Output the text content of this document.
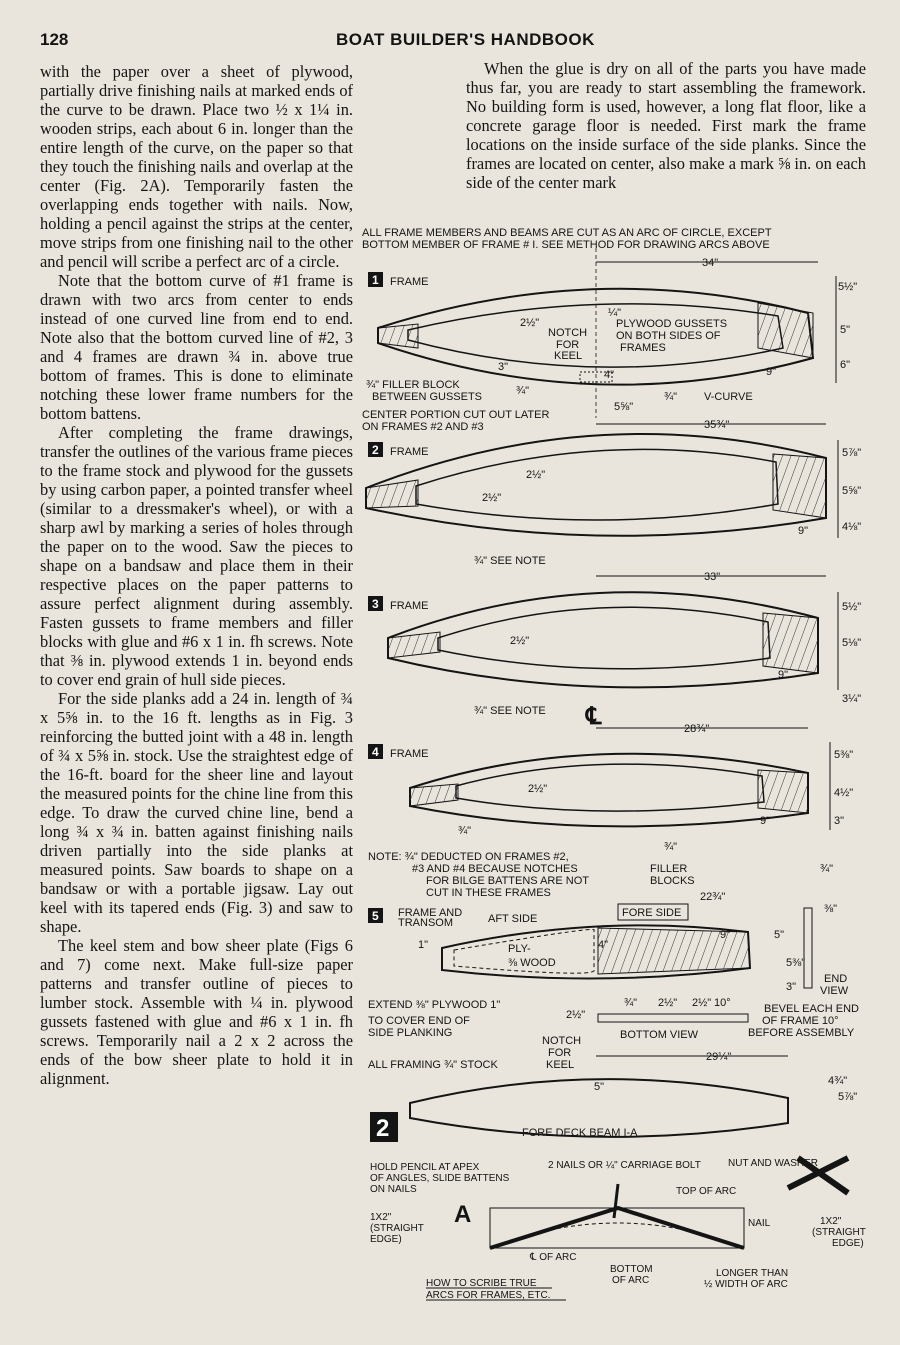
128	BOAT BUILDER'S HANDBOOK

with the paper over a sheet of plywood, partially drive finishing nails at marked ends of the curve to be drawn. Place two ½ x 1¼ in. wooden strips, each about 6 in. longer than the entire length of the curve, on the paper so that they touch the finishing nails and overlap at the center (Fig. 2A). Temporarily fasten the overlapping ends together with nails. Now, holding a pencil against the strips at the center, move strips from one finishing nail to the other and pencil will scribe a perfect arc of a circle.

Note that the bottom curve of #1 frame is drawn with two arcs from center to ends instead of one curved line from end to end. Note also that the bottom curved line of #2, 3 and 4 frames are drawn ¾ in. above true bottom of frames. This is done to eliminate notching these lower frame numbers for the bottom battens.

After completing the frame drawings, transfer the outlines of the various frame pieces to the frame stock and plywood for the gussets by using carbon paper, a pointed transfer wheel (similar to a dressmaker's wheel), or with a sharp awl by marking a series of holes through the paper on to the wood. Saw the pieces to shape on a bandsaw and place them in their respective places on the paper patterns to assure perfect alignment during assembly. Fasten gussets to frame members and filler blocks with glue and #6 x 1 in. fh screws. Note that ⅜ in. plywood extends 1 in. beyond ends to cover end grain of hull side pieces.

For the side planks add a 24 in. length of ¾ x 5⅝ in. to the 16 ft. lengths as in Fig. 3 reinforcing the butted joint with a 48 in. length of ¾ x 5⅝ in. stock. Use the straightest edge of the 16-ft. board for the sheer line and layout the measured points for the chine line from this edge. To draw the curved chine line, bend a long ¾ x ¾ in. batten against finishing nails driven partially into the side planks at measured points. Saw boards to shape on a bandsaw or with a portable jigsaw. Lay out keel with its tapered ends (Fig. 3) and saw to shape.

The keel stem and bow sheer plate (Figs 6 and 7) come next. Make full-size paper patterns and transfer outline of pieces to lumber stock. Assemble with ¼ in. plywood gussets fastened with glue and #6 x 1 in. fh screws. Temporarily nail a 2 x 2 across the ends of the bow sheer plate to hold it in alignment.

When the glue is dry on all of the parts you have made thus far, you are ready to start assembling the framework. No building form is used, however, a long flat floor, like a concrete garage floor is needed. First mark the frame locations on the inside surface of the side planks. Since the frames are located on center, also make a mark ⅝ in. on each side of the center mark

ALL FRAME MEMBERS AND BEAMS ARE CUT AS AN ARC OF CIRCLE, EXCEPT
BOTTOM MEMBER OF FRAME # I. SEE METHOD FOR DRAWING ARCS ABOVE
1 FRAME
34"
5½"
5"
6"
2½"
¼"
NOTCH
FOR
KEEL
PLYWOOD GUSSETS
ON BOTH SIDES OF
FRAMES
3"
4"	9"
¾" FILLER BLOCK
BETWEEN GUSSETS	¾"
5⅝"
¾" V-CURVE
CENTER PORTION CUT OUT LATER
ON FRAMES #2 AND #3	35¾"
2 FRAME	5⅞"
5⅝"
4⅛"
2½"
2½"
9"
¾" SEE NOTE
33"
3 FRAME	5½"
5⅛"
3¼"
2½"
9"
¾" SEE NOTE ℄	28¾"
4 FRAME	5⅜"
4½"
3"
2½"
9"
¾"
NOTE: ¾" DEDUCTED ON FRAMES #2,
#3 AND #4 BECAUSE NOTCHES
FOR BILGE BATTENS ARE NOT
CUT IN THESE FRAMES
¾"
FILLER
BLOCKS
5 FRAME AND
TRANSOM	AFT SIDE	FORE SIDE
22¾"
¾"
⅜"
1"	PLY-
⅜ WOOD
4"
9"	5"
5⅜"
3"
END
VIEW
EXTEND ⅜" PLYWOOD 1"
TO COVER END OF
SIDE PLANKING
2½"
¾" 2½" 2½" 10°
BOTTOM VIEW
BEVEL EACH END
OF FRAME 10°
BEFORE ASSEMBLY
NOTCH
FOR
KEEL
ALL FRAMING ¾" STOCK
29¼"
5"	4¾"
5⅞"
FORE DECK BEAM I-A
2
HOLD PENCIL AT APEX
OF ANGLES, SLIDE BATTENS
ON NAILS
2 NAILS OR ¼" CARRIAGE BOLT	NUT AND WASHER
TOP OF ARC
A
1X2"
(STRAIGHT
EDGE)
NAIL	1X2"
(STRAIGHT
EDGE)
℄ OF ARC
BOTTOM
OF ARC
LONGER THAN
½ WIDTH OF ARC
HOW TO SCRIBE TRUE
ARCS FOR FRAMES, ETC.
